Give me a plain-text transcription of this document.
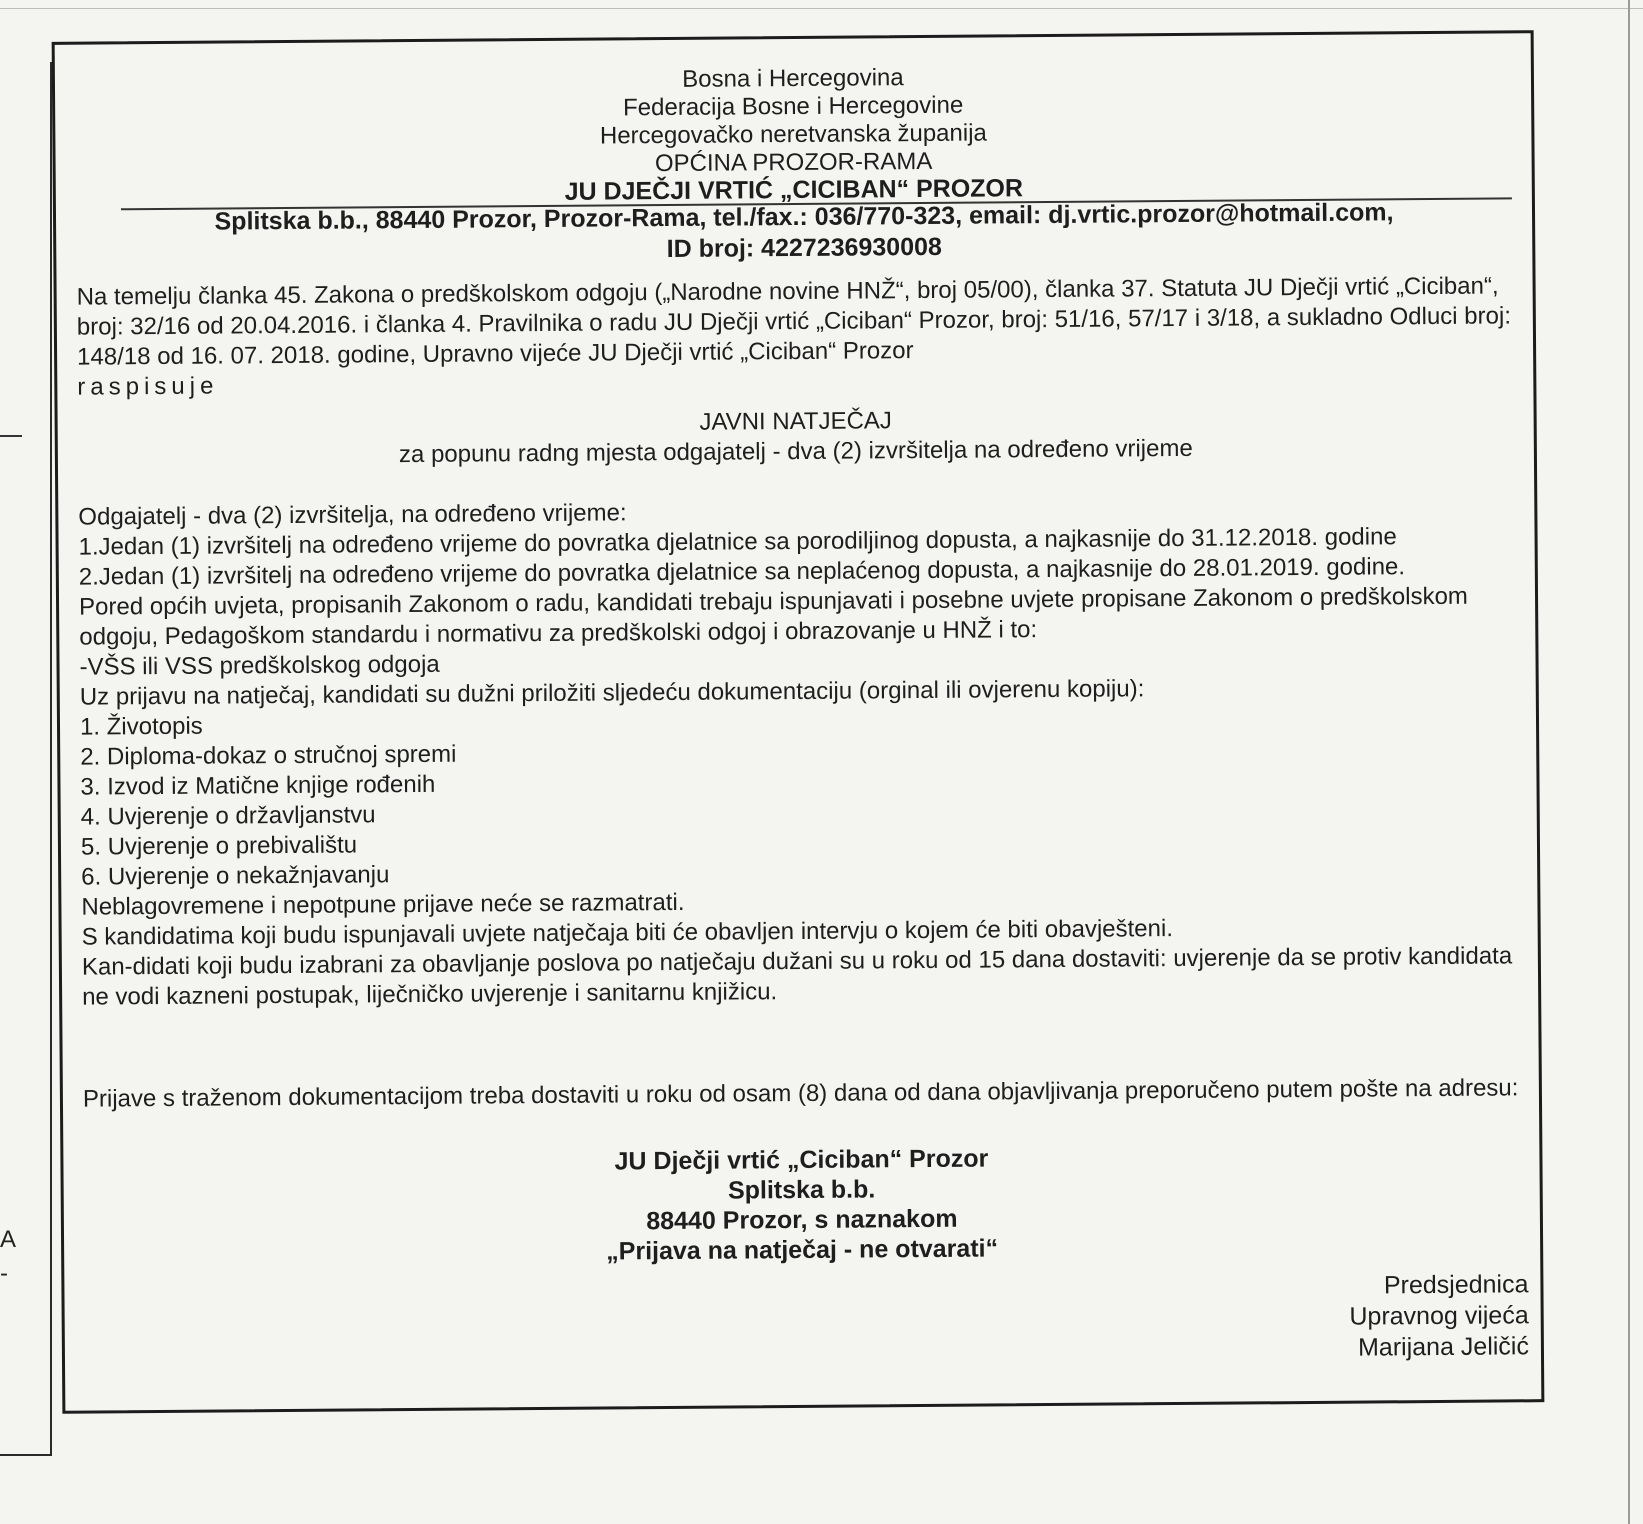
A
-
Bosna i Hercegovina
Federacija Bosne i Hercegovine
Hercegovačko neretvanska županija
OPĆINA PROZOR-RAMA
JU DJEČJI VRTIĆ „CICIBAN“ PROZOR
Splitska b.b., 88440 Prozor, Prozor-Rama, tel./fax.: 036/770-323, email: dj.vrtic.prozor@hotmail.com,
ID broj: 4227236930008
Na temelju članka 45. Zakona o predškolskom odgoju („Narodne novine HNŽ“, broj 05/00), članka 37. Statuta JU Dječji vrtić „Ciciban“, broj: 32/16 od 20.04.2016. i članka 4. Pravilnika o radu JU Dječji vrtić „Ciciban“ Prozor, broj: 51/16, 57/17 i 3/18, a sukladno Odluci broj: 148/18 od 16. 07. 2018. godine, Upravno vijeće JU Dječji vrtić „Ciciban“ Prozor
raspisuje
JAVNI NATJEČAJ
za popunu radng mjesta odgajatelj - dva (2) izvršitelja na određeno vrijeme
Odgajatelj - dva (2) izvršitelja, na određeno vrijeme:
1.Jedan (1) izvršitelj na određeno vrijeme do povratka djelatnice sa porodiljinog dopusta, a najkasnije do 31.12.2018. godine
2.Jedan (1) izvršitelj na određeno vrijeme do povratka djelatnice sa neplaćenog dopusta, a najkasnije do 28.01.2019. godine.
Pored općih uvjeta, propisanih Zakonom o radu, kandidati trebaju ispunjavati i posebne uvjete propisane Zakonom o predškolskom odgoju, Pedagoškom standardu i normativu za predškolski odgoj i obrazovanje u HNŽ i to:
-VŠS ili VSS predškolskog odgoja
Uz prijavu na natječaj, kandidati su dužni priložiti sljedeću dokumentaciju (orginal ili ovjerenu kopiju):
1. Životopis
2. Diploma-dokaz o stručnoj spremi
3. Izvod iz Matične knjige rođenih
4. Uvjerenje o državljanstvu
5. Uvjerenje o prebivalištu
6. Uvjerenje o nekažnjavanju
Neblagovremene i nepotpune prijave neće se razmatrati.
S kandidatima koji budu ispunjavali uvjete natječaja biti će obavljen intervju o kojem će biti obavješteni.
Kan-didati koji budu izabrani za obavljanje poslova po natječaju dužani su u roku od 15 dana dostaviti: uvjerenje da se protiv kandidata ne vodi kazneni postupak, liječničko uvjerenje i sanitarnu knjižicu.
Prijave s traženom dokumentacijom treba dostaviti u roku od osam (8) dana od dana objavljivanja preporučeno putem pošte na adresu:
JU Dječji vrtić „Ciciban“ Prozor
Splitska b.b.
88440 Prozor, s naznakom
„Prijava na natječaj - ne otvarati“
Predsjednica
Upravnog vijeća
Marijana Jeličić
